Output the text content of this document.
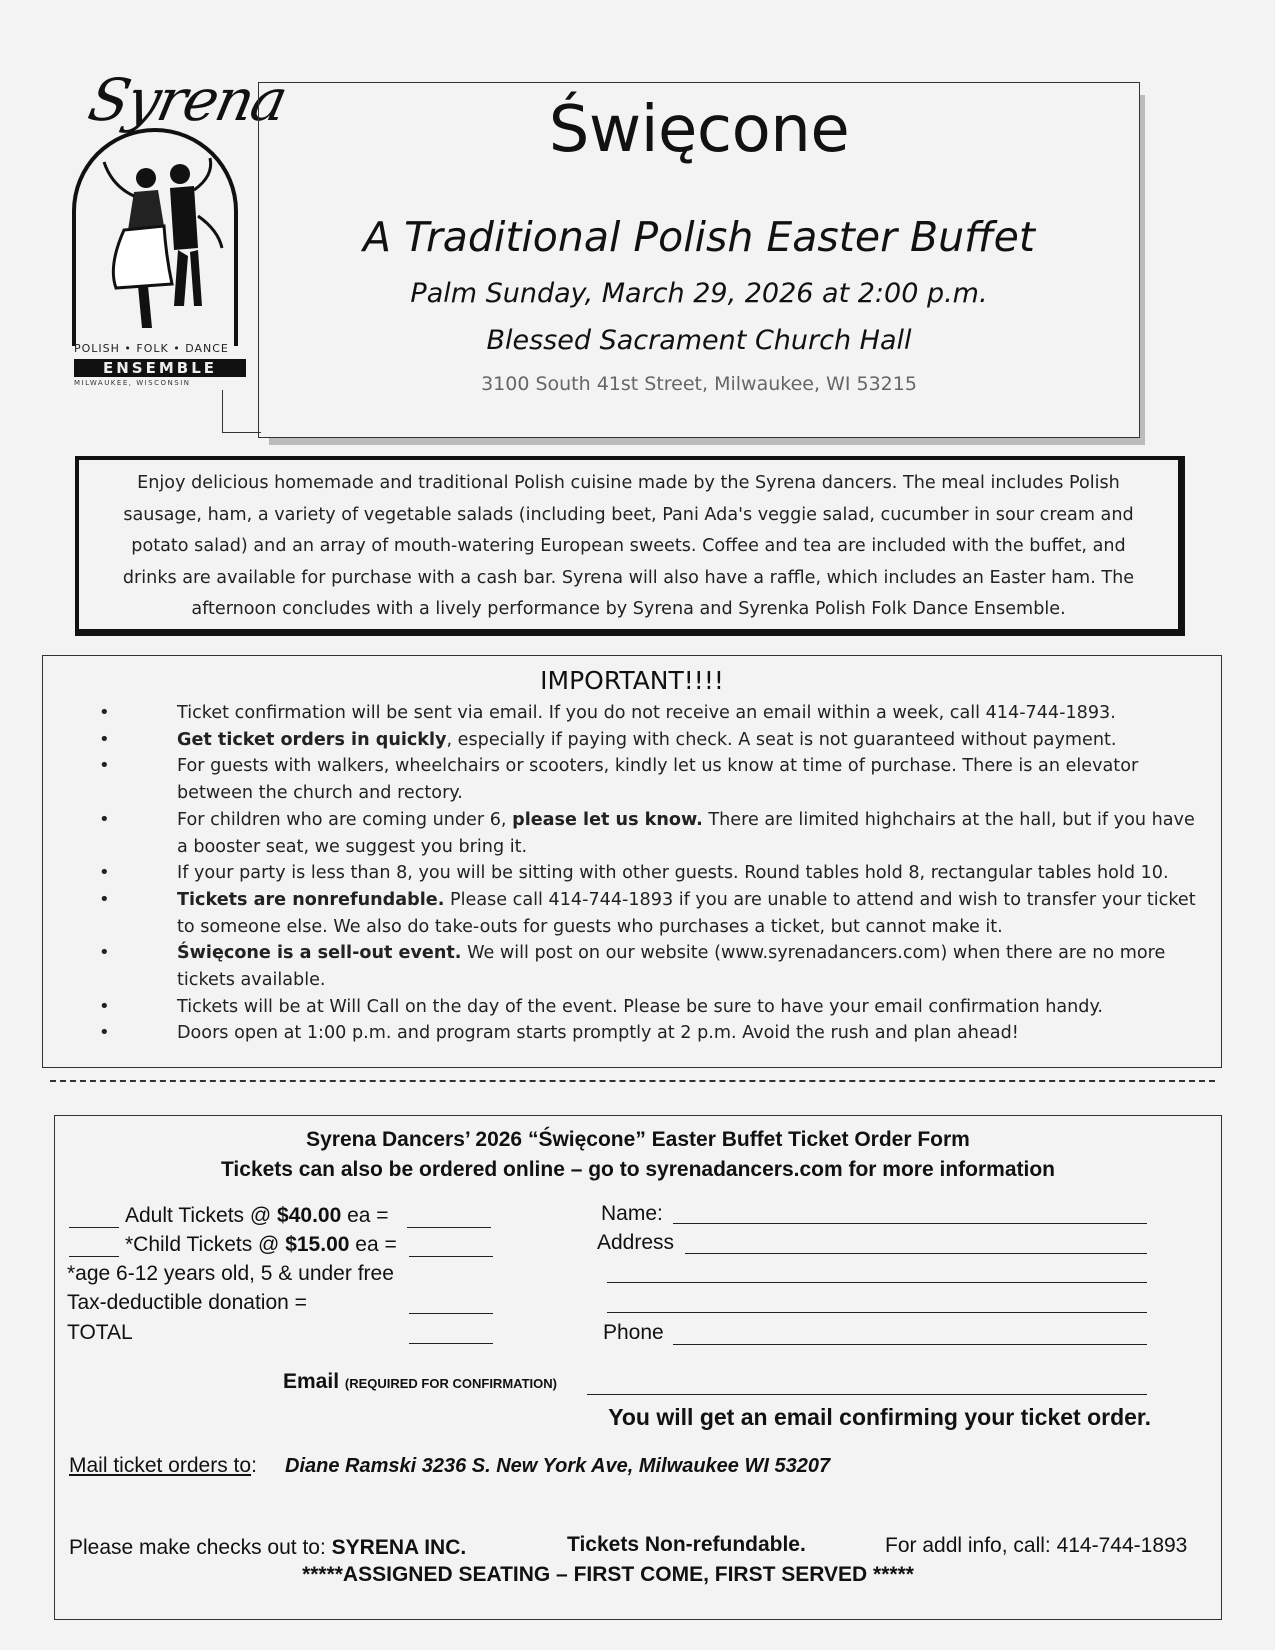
Syrena
POLISH • FOLK • DANCE
ENSEMBLE
MILWAUKEE, WISCONSIN
Święcone
A Traditional Polish Easter Buffet
Palm Sunday, March 29, 2026 at 2:00 p.m.
Blessed Sacrament Church Hall
3100 South 41st Street, Milwaukee, WI 53215
Enjoy delicious homemade and traditional Polish cuisine made by the Syrena dancers. The meal includes Polish sausage, ham, a variety of vegetable salads (including beet, Pani Ada's veggie salad, cucumber in sour cream and potato salad) and an array of mouth-watering European sweets. Coffee and tea are included with the buffet, and drinks are available for purchase with a cash bar. Syrena will also have a raffle, which includes an Easter ham. The afternoon concludes with a lively performance by Syrena and Syrenka Polish Folk Dance Ensemble.
IMPORTANT!!!!
• Ticket confirmation will be sent via email. If you do not receive an email within a week, call 414-744-1893.
• Get ticket orders in quickly, especially if paying with check. A seat is not guaranteed without payment.
• For guests with walkers, wheelchairs or scooters, kindly let us know at time of purchase. There is an elevator between the church and rectory.
• For children who are coming under 6, please let us know. There are limited highchairs at the hall, but if you have a booster seat, we suggest you bring it.
• If your party is less than 8, you will be sitting with other guests. Round tables hold 8, rectangular tables hold 10.
• Tickets are nonrefundable. Please call 414-744-1893 if you are unable to attend and wish to transfer your ticket to someone else. We also do take-outs for guests who purchases a ticket, but cannot make it.
• Święcone is a sell-out event. We will post on our website (www.syrenadancers.com) when there are no more tickets available.
• Tickets will be at Will Call on the day of the event. Please be sure to have your email confirmation handy.
• Doors open at 1:00 p.m. and program starts promptly at 2 p.m. Avoid the rush and plan ahead!
Syrena Dancers’ 2026 “Święcone” Easter Buffet Ticket Order Form
Tickets can also be ordered online – go to syrenadancers.com for more information
Adult Tickets @ $40.00 ea =
*Child Tickets @ $15.00 ea =
*age 6-12 years old, 5 & under free
Tax-deductible donation =
TOTAL
Name:
Address
Phone
Email (REQUIRED FOR CONFIRMATION)
You will get an email confirming your ticket order.
Mail ticket orders to: Diane Ramski 3236 S. New York Ave, Milwaukee WI 53207
Please make checks out to: SYRENA INC.	Tickets Non-refundable.	For addl info, call: 414-744-1893
*****ASSIGNED SEATING – FIRST COME, FIRST SERVED *****
